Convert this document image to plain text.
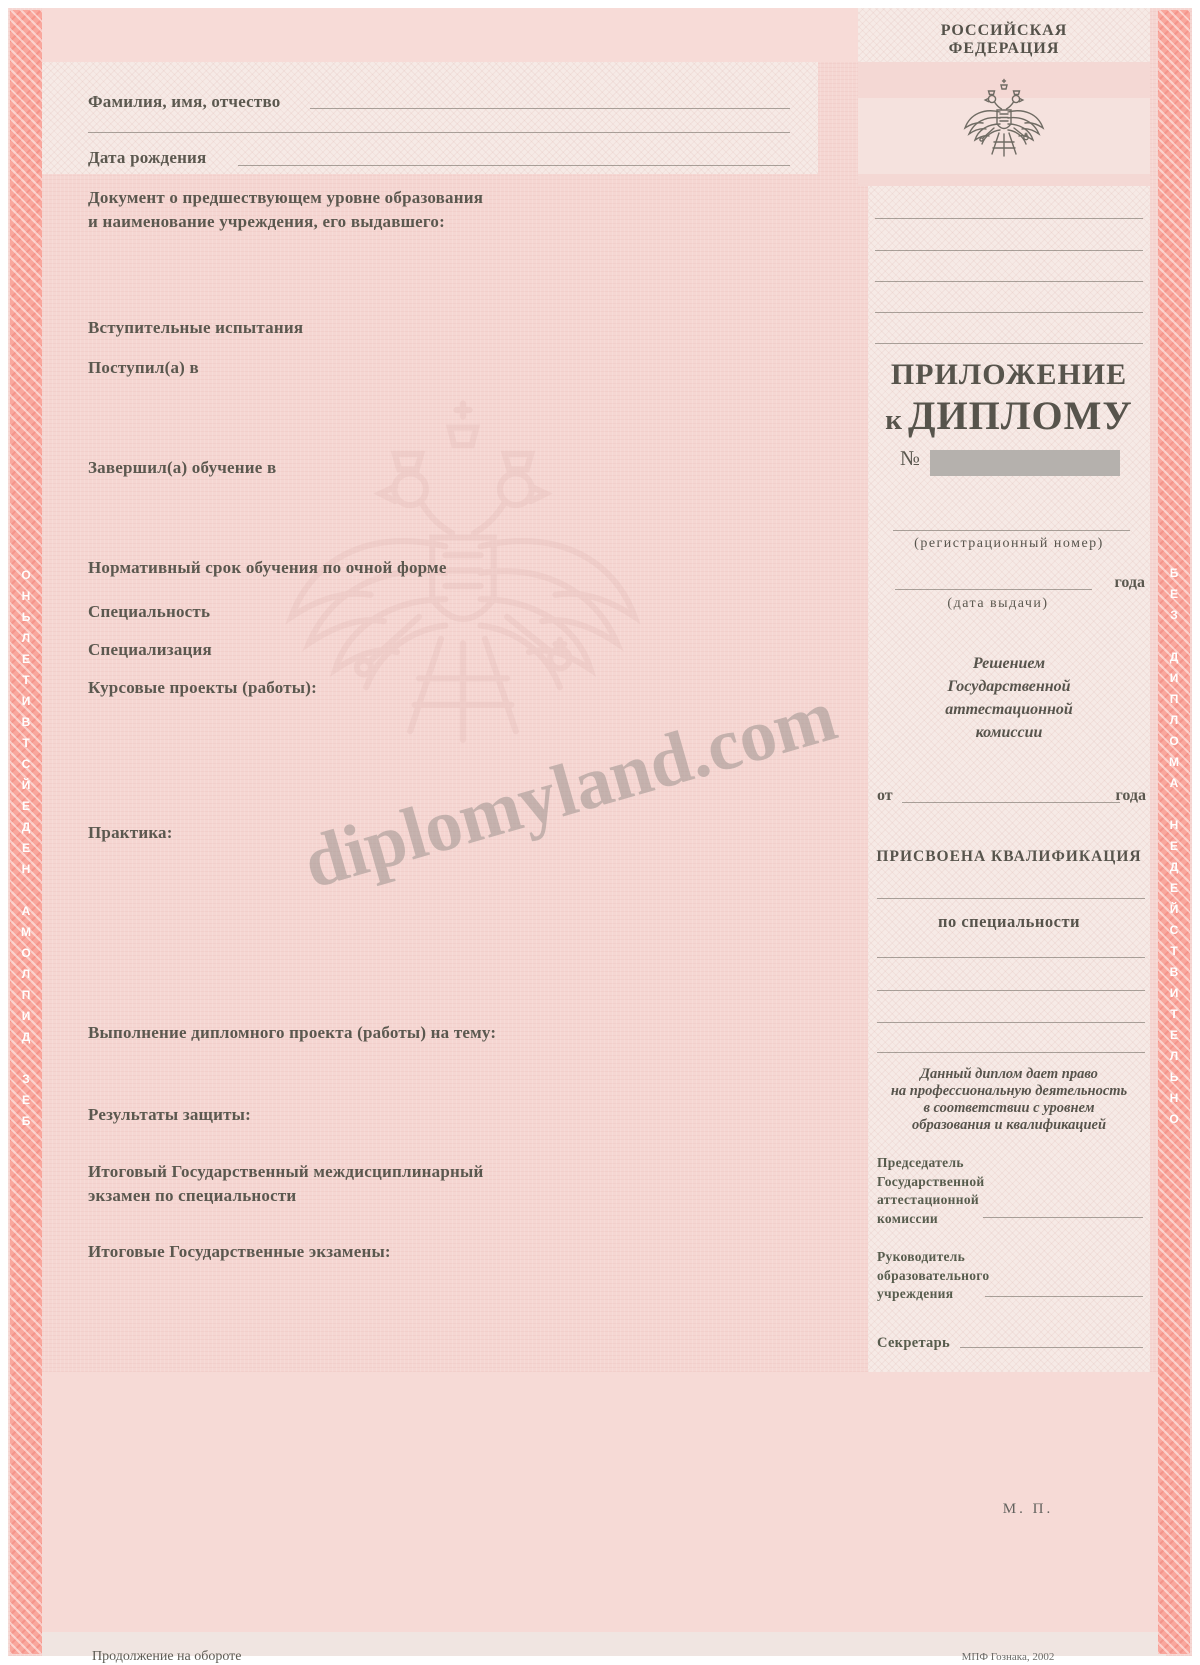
Фамилия, имя, отчество
Дата рождения
Документ о предшествующем уровне образования
и наименование учреждения, его выдавшего:
Вступительные испытания
Поступил(а) в
Завершил(а) обучение в
Нормативный срок обучения по очной форме
Специальность
Специализация
Курсовые проекты (работы):
Практика:
Выполнение дипломного проекта (работы) на тему:
Результаты защиты:
Итоговый Государственный междисциплинарный
экзамен по специальности
Итоговые Государственные экзамены:
РОССИЙСКАЯ
ФЕДЕРАЦИЯ
ПРИЛОЖЕНИЕ
к ДИПЛОМУ
№
(регистрационный номер)
года
(дата выдачи)
Решением
Государственной
аттестационной
комиссии
от	года
ПРИСВОЕНА КВАЛИФИКАЦИЯ
по специальности
Данный диплом дает право
на профессиональную деятельность
в соответствии с уровнем
образования и квалификацией
Председатель
Государственной
аттестационной
комиссии
Руководитель
образовательного
учреждения
Секретарь
М. П.
Продолжение на обороте	МПФ Гознака, 2002
diplomyland.com
ОНЬЛЕТИВТСЙЕДЕН АМОЛПИД ЗЕБ	БЕЗ ДИПЛОМА НЕДЕЙСТВИТЕЛЬНО
